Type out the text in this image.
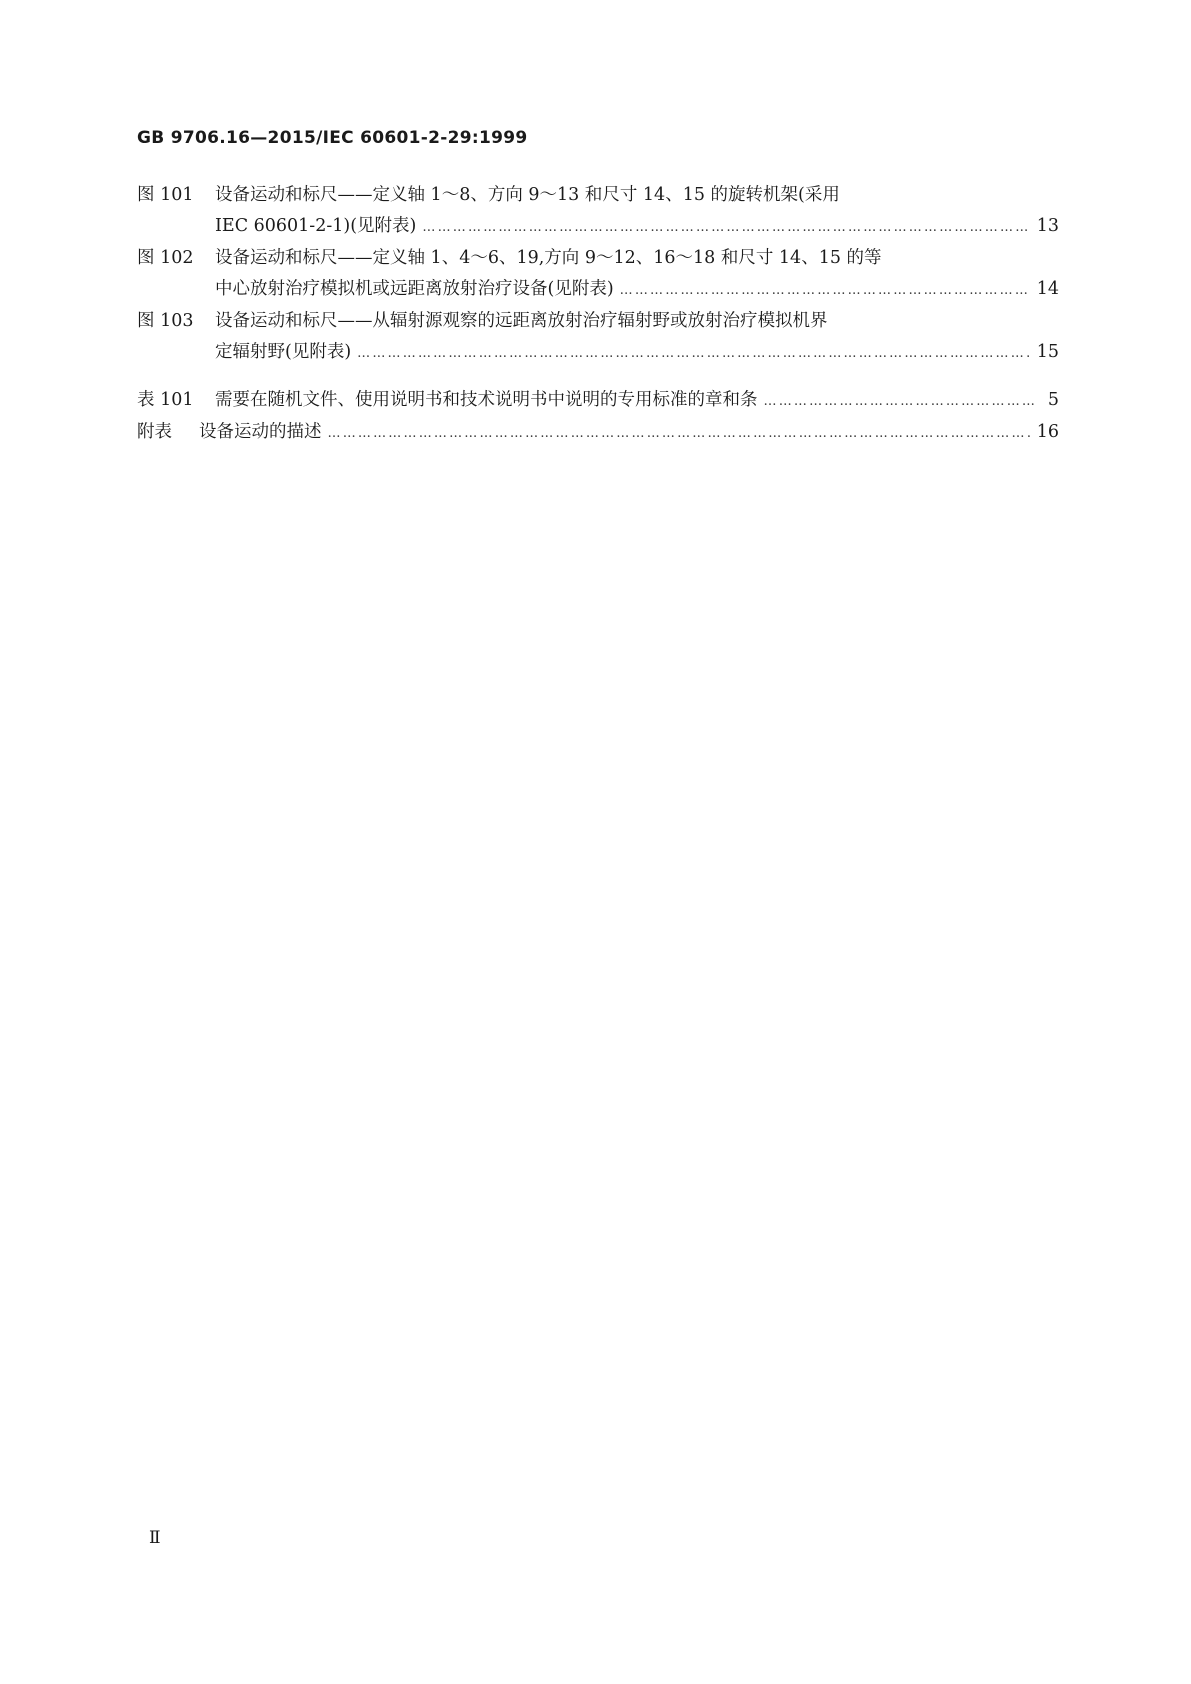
GB 9706.16—2015/IEC 60601-2-29:1999
图 101 设备运动和标尺——定义轴 1～8、方向 9～13 和尺寸 14、15 的旋转机架(采用
IEC 60601-2-1)(见附表) ……………………………………………………………………………………………………………………………………………………………………………………	13
图 102 设备运动和标尺——定义轴 1、4～6、19,方向 9～12、16～18 和尺寸 14、15 的等
中心放射治疗模拟机或远距离放射治疗设备(见附表) ……………………………………………………………………………………………………………………………………………………………………………………	14
图 103 设备运动和标尺——从辐射源观察的远距离放射治疗辐射野或放射治疗模拟机界
定辐射野(见附表) ……………………………………………………………………………………………………………………………………………………………………………………	15
表 101 需要在随机文件、使用说明书和技术说明书中说明的专用标准的章和条 ……………………………………………………………………………………………………………………………………………………………………………………	5
附表 设备运动的描述 ……………………………………………………………………………………………………………………………………………………………………………………	16
Ⅱ
